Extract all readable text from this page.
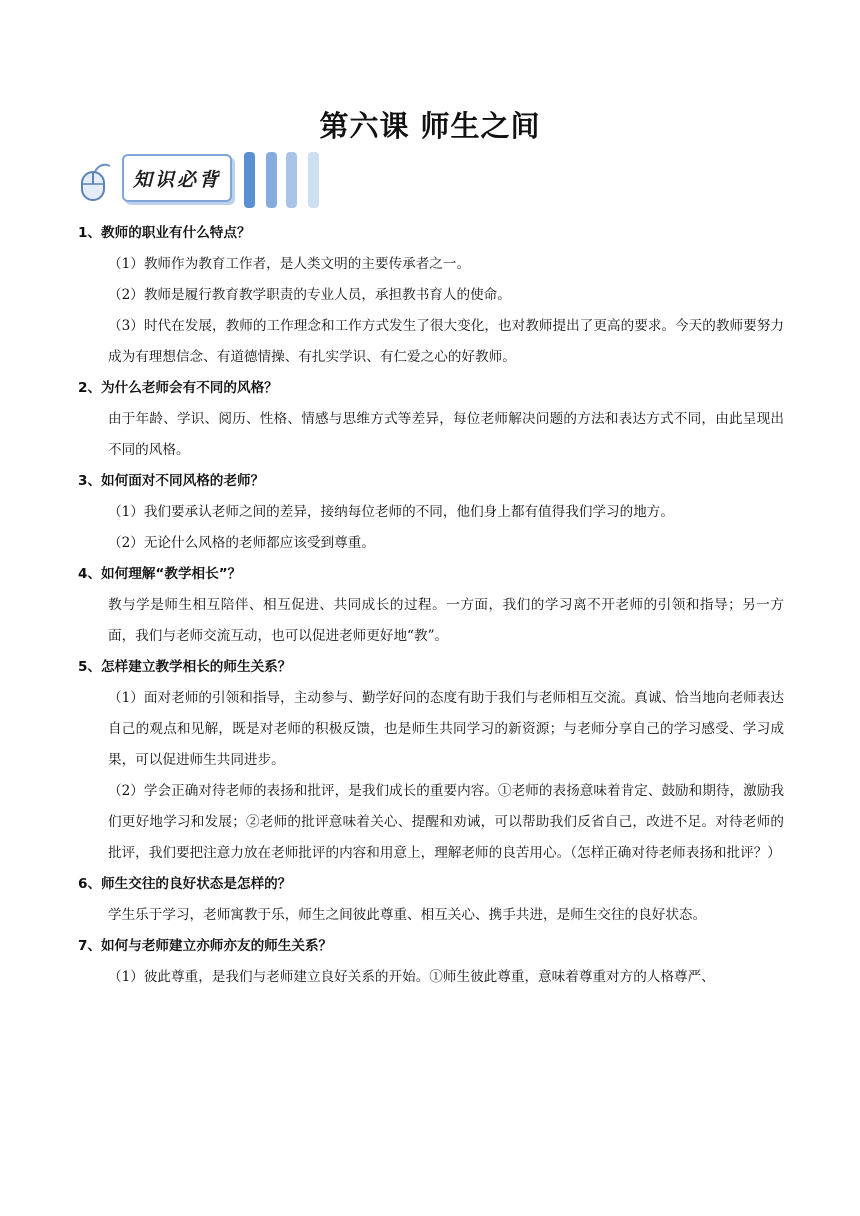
第六课 师生之间
知识必背

1、教师的职业有什么特点？

（1）教师作为教育工作者，是人类文明的主要传承者之一。

（2）教师是履行教育教学职责的专业人员，承担教书育人的使命。

（3）时代在发展，教师的工作理念和工作方式发生了很大变化，也对教师提出了更高的要求。今天的教师要努力成为有理想信念、有道德情操、有扎实学识、有仁爱之心的好教师。

2、为什么老师会有不同的风格？

由于年龄、学识、阅历、性格、情感与思维方式等差异，每位老师解决问题的方法和表达方式不同，由此呈现出不同的风格。

3、如何面对不同风格的老师？

（1）我们要承认老师之间的差异，接纳每位老师的不同，他们身上都有值得我们学习的地方。

（2）无论什么风格的老师都应该受到尊重。

4、如何理解“教学相长”？

教与学是师生相互陪伴、相互促进、共同成长的过程。一方面，我们的学习离不开老师的引领和指导；另一方面，我们与老师交流互动，也可以促进老师更好地“教”。

5、怎样建立教学相长的师生关系？

（1）面对老师的引领和指导，主动参与、勤学好问的态度有助于我们与老师相互交流。真诚、恰当地向老师表达自己的观点和见解，既是对老师的积极反馈，也是师生共同学习的新资源；与老师分享自己的学习感受、学习成果，可以促进师生共同进步。

（2）学会正确对待老师的表扬和批评，是我们成长的重要内容。①老师的表扬意味着肯定、鼓励和期待，激励我们更好地学习和发展；②老师的批评意味着关心、提醒和劝诫，可以帮助我们反省自己，改进不足。对待老师的批评，我们要把注意力放在老师批评的内容和用意上，理解老师的良苦用心。（怎样正确对待老师表扬和批评？）

6、师生交往的良好状态是怎样的？

学生乐于学习，老师寓教于乐，师生之间彼此尊重、相互关心、携手共进，是师生交往的良好状态。

7、如何与老师建立亦师亦友的师生关系？

（1）彼此尊重，是我们与老师建立良好关系的开始。①师生彼此尊重，意味着尊重对方的人格尊严、
